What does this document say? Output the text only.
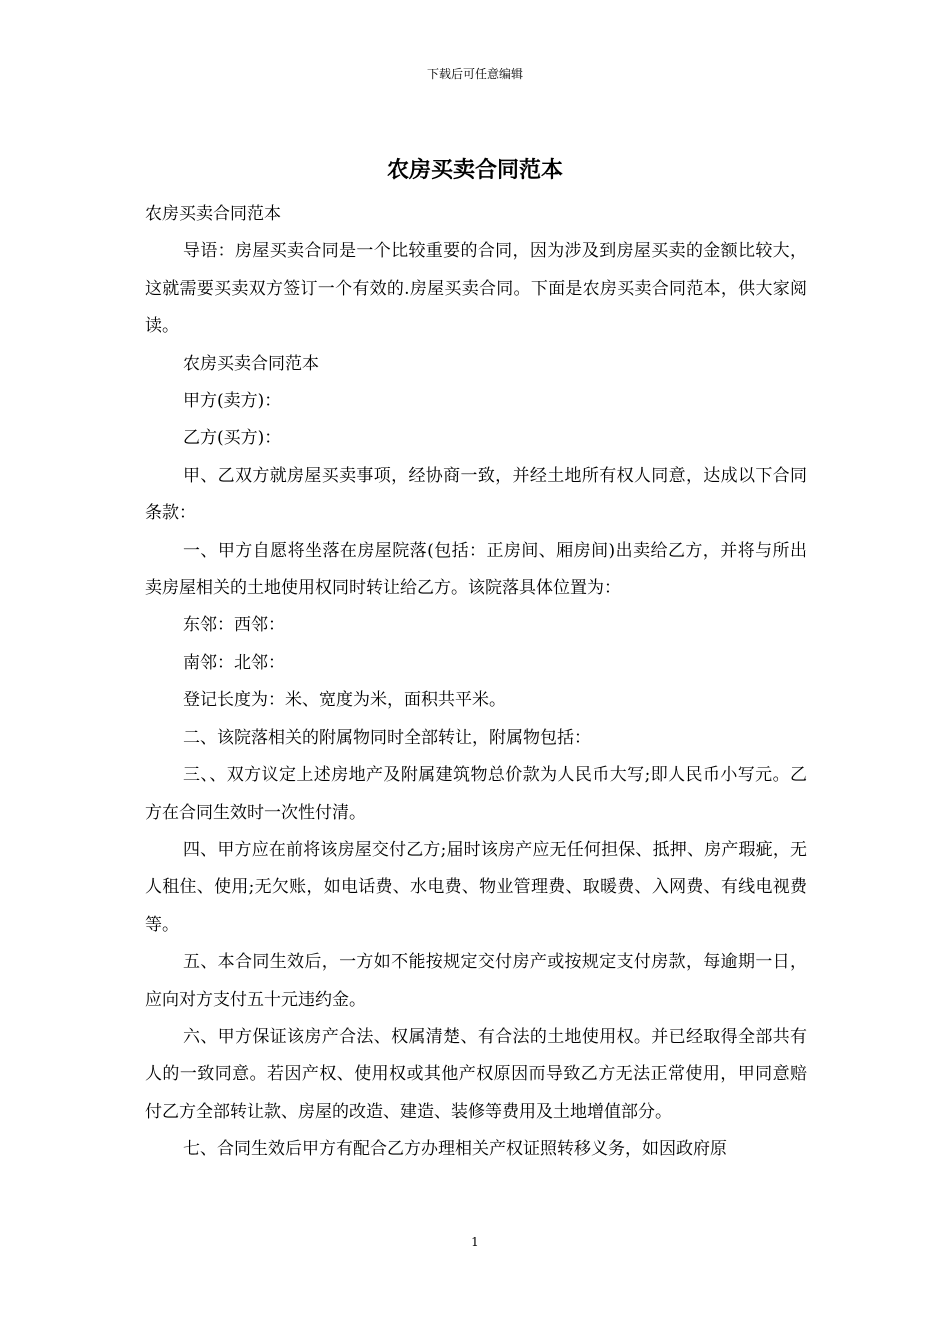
下载后可任意编辑
农房买卖合同范本

农房买卖合同范本

导语：房屋买卖合同是一个比较重要的合同，因为涉及到房屋买卖的金额比较大，这就需要买卖双方签订一个有效的.房屋买卖合同。下面是农房买卖合同范本，供大家阅读。

农房买卖合同范本

甲方(卖方)：

乙方(买方)：

甲、乙双方就房屋买卖事项，经协商一致，并经土地所有权人同意，达成以下合同条款：

一、甲方自愿将坐落在房屋院落(包括：正房间、厢房间)出卖给乙方，并将与所出卖房屋相关的土地使用权同时转让给乙方。该院落具体位置为：

东邻：西邻：

南邻：北邻：

登记长度为：米、宽度为米，面积共平米。

二、该院落相关的附属物同时全部转让，附属物包括：

三、、双方议定上述房地产及附属建筑物总价款为人民币大写;即人民币小写元。乙方在合同生效时一次性付清。

四、甲方应在前将该房屋交付乙方;届时该房产应无任何担保、抵押、房产瑕疵，无人租住、使用;无欠账，如电话费、水电费、物业管理费、取暖费、入网费、有线电视费等。

五、本合同生效后，一方如不能按规定交付房产或按规定支付房款，每逾期一日，应向对方支付五十元违约金。

六、甲方保证该房产合法、权属清楚、有合法的土地使用权。并已经取得全部共有人的一致同意。若因产权、使用权或其他产权原因而导致乙方无法正常使用，甲同意赔付乙方全部转让款、房屋的改造、建造、装修等费用及土地增值部分。

七、合同生效后甲方有配合乙方办理相关产权证照转移义务，如因政府原

1
